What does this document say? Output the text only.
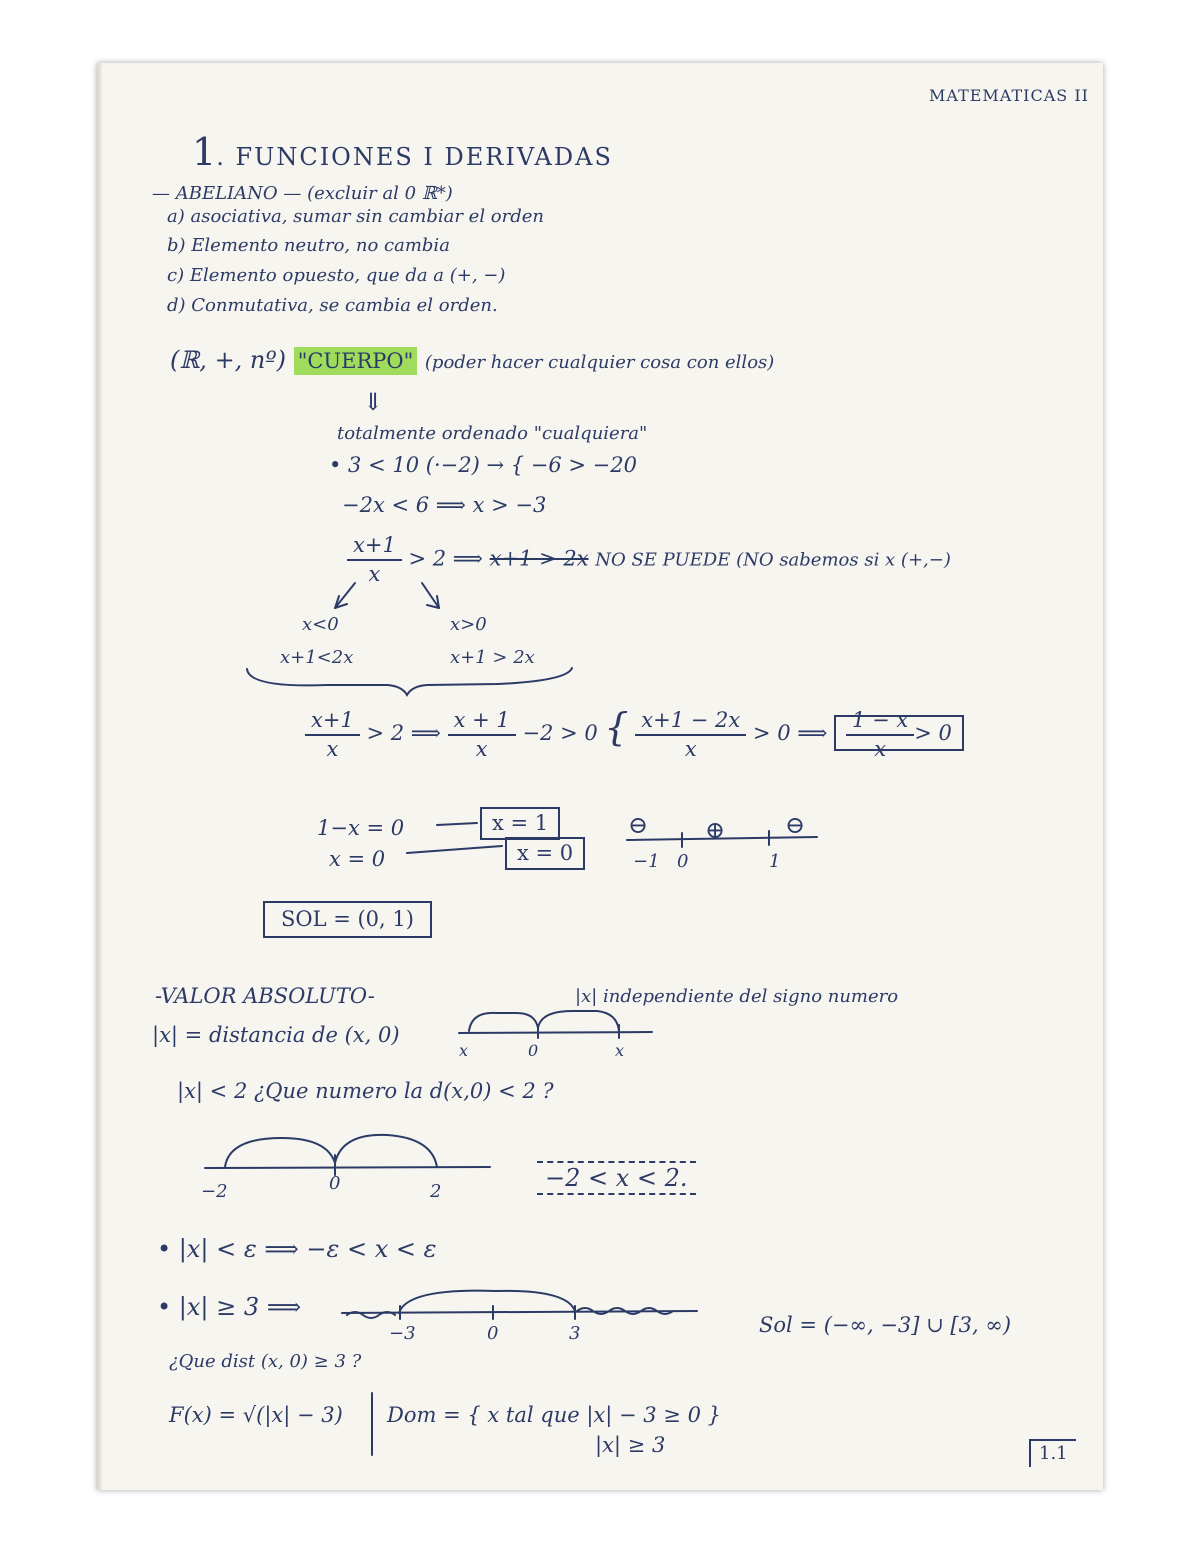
MATEMATICAS II
1. FUNCIONES I DERIVADAS
— ABELIANO — (excluir al 0 ℝ*)
a) asociativa, sumar sin cambiar el orden
b) Elemento neutro, no cambia
c) Elemento opuesto, que da a (+, −)
d) Conmutativa, se cambia el orden.
(ℝ, +, nº) "CUERPO" (poder hacer cualquier cosa con ellos)
⇓
totalmente ordenado "cualquiera"
• 3 < 10 (·−2) → { −6 > −20
−2x < 6 ⟹ x > −3
$\frac{x+1}{x} > 2$ ⟹ x+1 > 2x NO SE PUEDE (NO sabemos si x (+,−)
x<0
x+1<2x
x>0
x+1 > 2x
$\frac{x+1}{x} > 2$ ⟹ $\frac{x + 1}{x} -2 > 0$ { $\frac{x+1 - 2x}{x} > 0$ ⟹ $\frac{1 - x}{x} > 0$
1−x = 0
x = 0
x = 1
x = 0
⊖ ⊕ ⊖
−1 0	1
SOL = (0, 1)
-VALOR ABSOLUTO-
|x| = distancia de (x, 0)
|x| independiente del signo numero
x	0	x
|x| < 2 ¿Que numero la d(x,0) < 2 ?
−2	0	2	−2 < x < 2.
• |x| < ε ⟹ −ε < x < ε
• |x| ≥ 3 ⟹
−3	0	3	Sol = (−∞, −3] ∪ [3, ∞)
¿Que dist (x, 0) ≥ 3 ?
F(x) = √(|x| − 3) Dom = { x tal que |x| − 3 ≥ 0 }
|x| ≥ 3	1.1
